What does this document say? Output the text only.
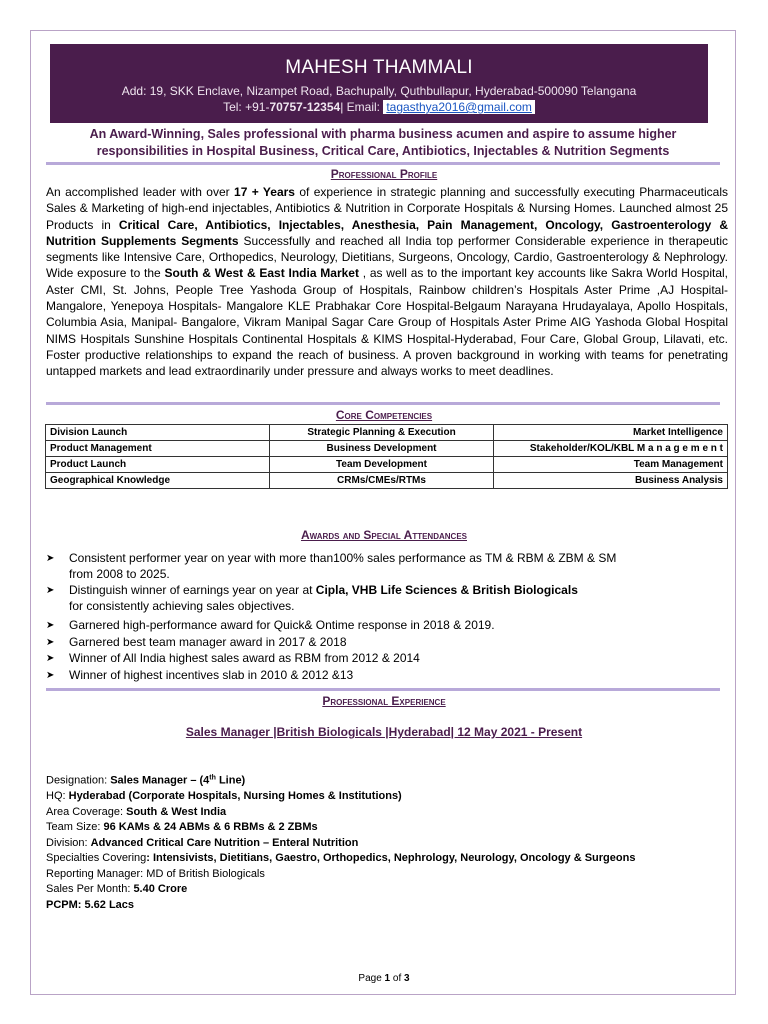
MAHESH THAMMALI
Add: 19, SKK Enclave, Nizampet Road, Bachupally, Quthbullapur, Hyderabad-500090 Telangana
Tel: +91-70757-12354| Email: tagasthya2016@gmail.com
An Award-Winning, Sales professional with pharma business acumen and aspire to assume higher responsibilities in Hospital Business, Critical Care, Antibiotics, Injectables & Nutrition Segments
Professional Profile
An accomplished leader with over 17 + Years of experience in strategic planning and successfully executing Pharmaceuticals Sales & Marketing of high-end injectables, Antibiotics & Nutrition in Corporate Hospitals & Nursing Homes. Launched almost 25 Products in Critical Care, Antibiotics, Injectables, Anesthesia, Pain Management, Oncology, Gastroenterology & Nutrition Supplements Segments Successfully and reached all India top performer Considerable experience in therapeutic segments like Intensive Care, Orthopedics, Neurology, Dietitians, Surgeons, Oncology, Cardio, Gastroenterology & Nephrology. Wide exposure to the South & West & East India Market , as well as to the important key accounts like Sakra World Hospital, Aster CMI, St. Johns, People Tree Yashoda Group of Hospitals, Rainbow children’s Hospitals Aster Prime ,AJ Hospital-Mangalore, Yenepoya Hospitals- Mangalore KLE Prabhakar Core Hospital-Belgaum Narayana Hrudayalaya, Apollo Hospitals, Columbia Asia, Manipal- Bangalore, Vikram Manipal Sagar Care Group of Hospitals Aster Prime AIG Yashoda Global Hospital NIMS Hospitals Sunshine Hospitals Continental Hospitals & KIMS Hospital-Hyderabad, Four Care, Global Group, Lilavati, etc. Foster productive relationships to expand the reach of business. A proven background in working with teams for penetrating untapped markets and lead extraordinarily under pressure and always works to meet deadlines.
Core Competencies
Division Launch	Strategic Planning & Execution	Market Intelligence
Product Management	Business Development	Stakeholder/KOL/KBL M a n a g e m e n t
Product Launch	Team Development	Team Management
Geographical Knowledge	CRMs/CMEs/RTMs	Business Analysis
Awards and Special Attendances
➤	Consistent performer year on year with more than100% sales performance as TM & RBM & ZBM & SM
from 2008 to 2025.
➤	Distinguish winner of earnings year on year at Cipla, VHB Life Sciences & British Biologicals
for consistently achieving sales objectives.
➤	Garnered high-performance award for Quick& Ontime response in 2018 & 2019.
➤	Garnered best team manager award in 2017 & 2018
➤	Winner of All India highest sales award as RBM from 2012 & 2014
➤	Winner of highest incentives slab in 2010 & 2012 &13
Professional Experience
Sales Manager |British Biologicals |Hyderabad| 12 May 2021 - Present
Designation: Sales Manager – (4th Line)
HQ: Hyderabad (Corporate Hospitals, Nursing Homes & Institutions)
Area Coverage: South & West India
Team Size: 96 KAMs & 24 ABMs & 6 RBMs & 2 ZBMs
Division: Advanced Critical Care Nutrition – Enteral Nutrition
Specialties Covering: Intensivists, Dietitians, Gaestro, Orthopedics, Nephrology, Neurology, Oncology & Surgeons
Reporting Manager: MD of British Biologicals
Sales Per Month: 5.40 Crore
PCPM: 5.62 Lacs
Page 1 of 3
